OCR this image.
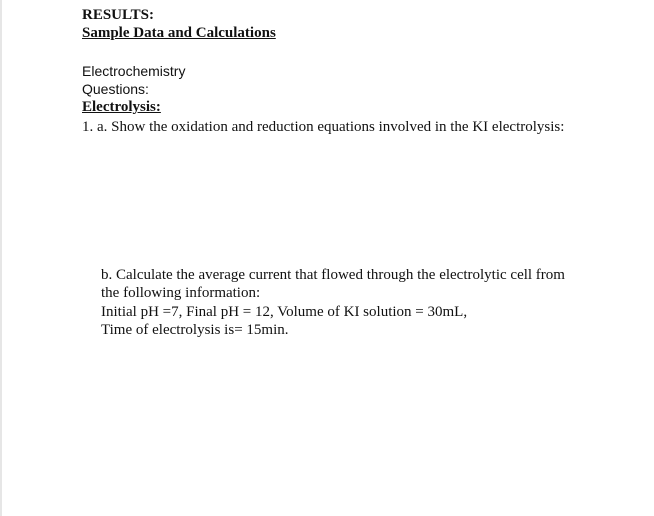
RESULTS:
Sample Data and Calculations
Electrochemistry
Questions:
Electrolysis:
1. a. Show the oxidation and reduction equations involved in the KI electrolysis:
b. Calculate the average current that flowed through the electrolytic cell from
the following information:
Initial pH =7, Final pH = 12, Volume of KI solution = 30mL,
Time of electrolysis is= 15min.
